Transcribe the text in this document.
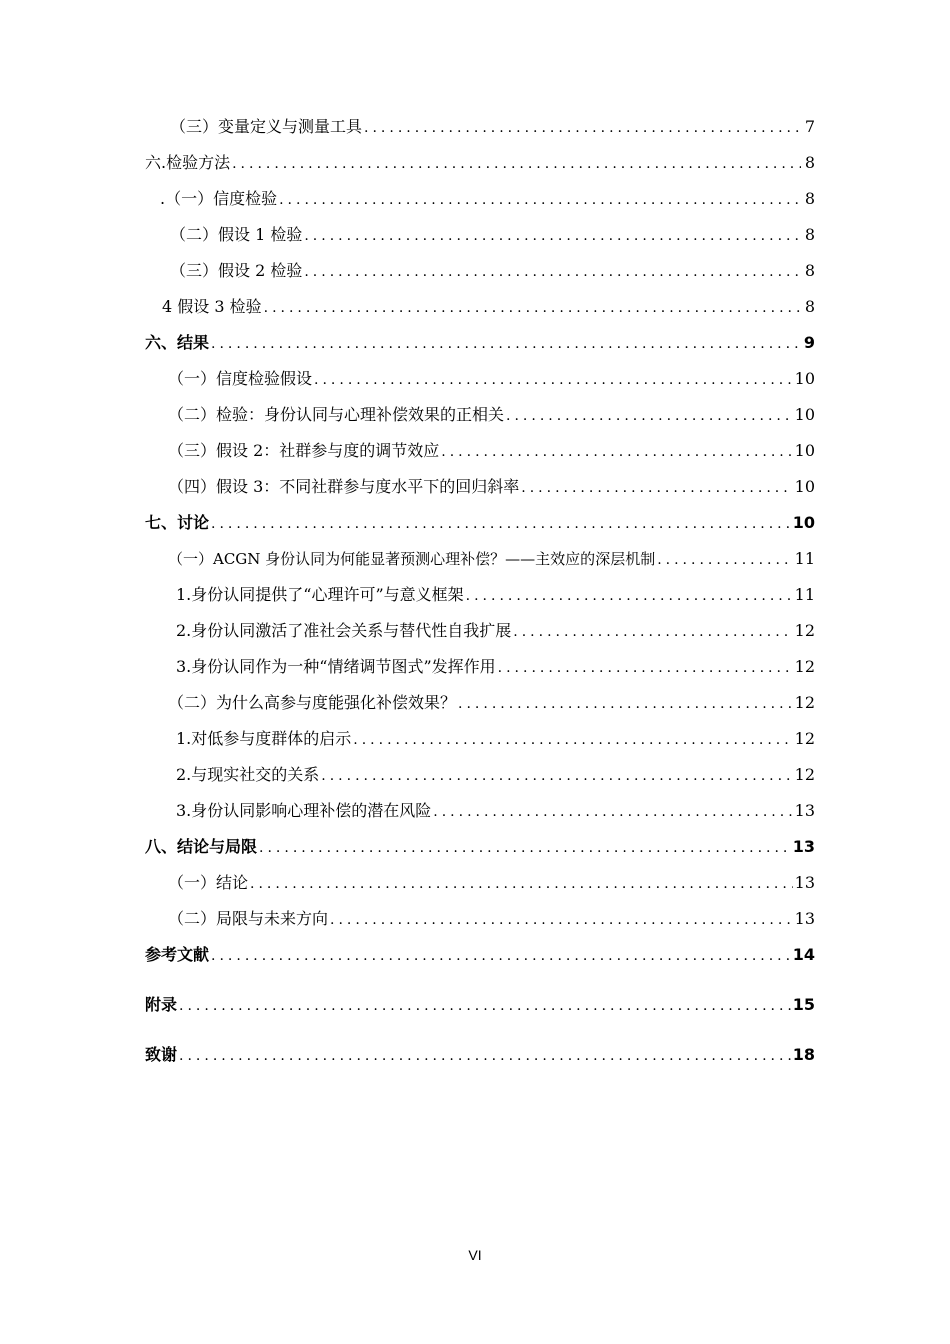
（三）变量定义与测量工具 .....	7
六.检验方法 .....	8
.（一）信度检验 .....	8
（二）假设 1 检验 .....	8
（三）假设 2 检验 .....	8
4 假设 3 检验 .....	8
六、结果 .....	9
（一）信度检验假设 .....	10
（二）检验：身份认同与心理补偿效果的正相关 .....	10
（三）假设 2：社群参与度的调节效应 .....	10
（四）假设 3：不同社群参与度水平下的回归斜率 .....	10
七、讨论 .....	10
（一）ACGN 身份认同为何能显著预测心理补偿？——主效应的深层机制 .....	11
1.身份认同提供了“心理许可”与意义框架 .....	11
2.身份认同激活了准社会关系与替代性自我扩展 .....	12
3.身份认同作为一种“情绪调节图式”发挥作用 .....	12
（二）为什么高参与度能强化补偿效果？ .....	12
1.对低参与度群体的启示 .....	12
2.与现实社交的关系 .....	12
3.身份认同影响心理补偿的潜在风险 .....	13
八、结论与局限 .....	13
（一）结论 .....	13
（二）局限与未来方向 .....	13
参考文献 .....	14
附录 .....	15
致谢 .....	18
VI
